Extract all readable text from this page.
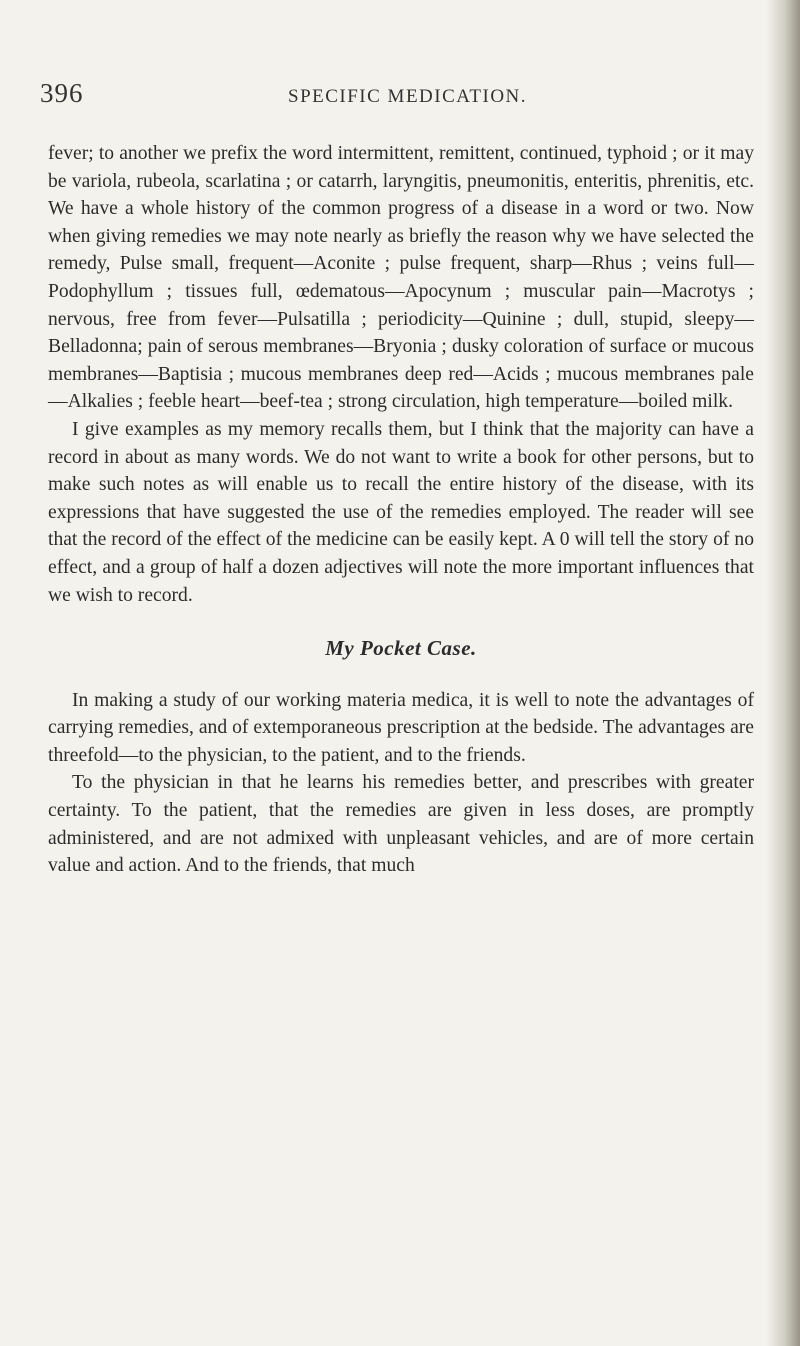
396	SPECIFIC MEDICATION.

fever; to another we prefix the word intermittent, remittent, continued, typhoid ; or it may be variola, rubeola, scarlatina ; or catarrh, laryngitis, pneumonitis, enteritis, phrenitis, etc. We have a whole history of the common progress of a disease in a word or two. Now when giving remedies we may note nearly as briefly the reason why we have selected the remedy, Pulse small, frequent—Aconite ; pulse frequent, sharp—Rhus ; veins full—Podophyllum ; tissues full, œdematous—Apocynum ; muscular pain—Macrotys ; nervous, free from fever—Pulsatilla ; periodicity—Quinine ; dull, stupid, sleepy—Belladonna; pain of serous membranes—Bryonia ; dusky coloration of surface or mucous membranes—Baptisia ; mucous membranes deep red—Acids ; mucous membranes pale—Alkalies ; feeble heart—beef-tea ; strong circulation, high temperature—boiled milk.

I give examples as my memory recalls them, but I think that the majority can have a record in about as many words. We do not want to write a book for other persons, but to make such notes as will enable us to recall the entire history of the disease, with its expressions that have suggested the use of the remedies employed. The reader will see that the record of the effect of the medicine can be easily kept. A 0 will tell the story of no effect, and a group of half a dozen adjectives will note the more important influences that we wish to record.

My Pocket Case.

In making a study of our working materia medica, it is well to note the advantages of carrying remedies, and of extemporaneous prescription at the bedside. The advantages are threefold—to the physician, to the patient, and to the friends.

To the physician in that he learns his remedies better, and prescribes with greater certainty. To the patient, that the remedies are given in less doses, are promptly administered, and are not admixed with unpleasant vehicles, and are of more certain value and action. And to the friends, that much
